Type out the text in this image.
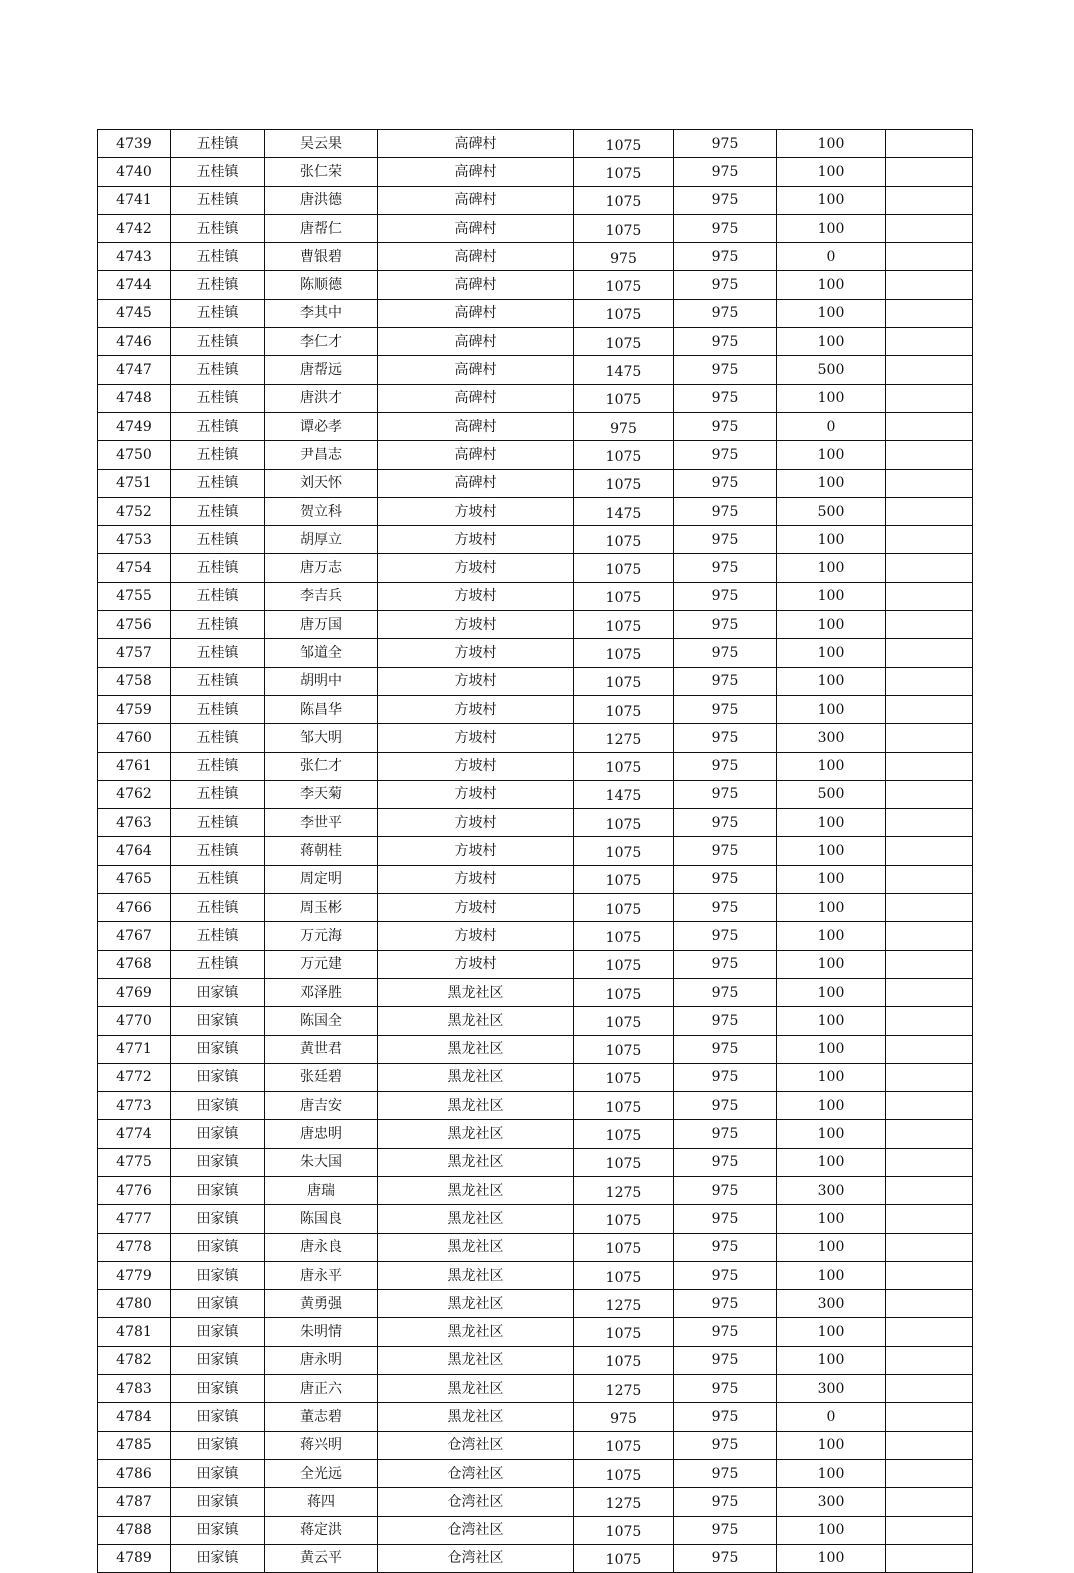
4739	五桂镇	吴云果	高碑村	1075	975	100	
4740	五桂镇	张仁荣	高碑村	1075	975	100	
4741	五桂镇	唐洪德	高碑村	1075	975	100	
4742	五桂镇	唐帮仁	高碑村	1075	975	100	
4743	五桂镇	曹银碧	高碑村	975	975	0	
4744	五桂镇	陈顺德	高碑村	1075	975	100	
4745	五桂镇	李其中	高碑村	1075	975	100	
4746	五桂镇	李仁才	高碑村	1075	975	100	
4747	五桂镇	唐帮远	高碑村	1475	975	500	
4748	五桂镇	唐洪才	高碑村	1075	975	100	
4749	五桂镇	谭必孝	高碑村	975	975	0	
4750	五桂镇	尹昌志	高碑村	1075	975	100	
4751	五桂镇	刘天怀	高碑村	1075	975	100	
4752	五桂镇	贺立科	方坡村	1475	975	500	
4753	五桂镇	胡厚立	方坡村	1075	975	100	
4754	五桂镇	唐万志	方坡村	1075	975	100	
4755	五桂镇	李吉兵	方坡村	1075	975	100	
4756	五桂镇	唐万国	方坡村	1075	975	100	
4757	五桂镇	邹道全	方坡村	1075	975	100	
4758	五桂镇	胡明中	方坡村	1075	975	100	
4759	五桂镇	陈昌华	方坡村	1075	975	100	
4760	五桂镇	邹大明	方坡村	1275	975	300	
4761	五桂镇	张仁才	方坡村	1075	975	100	
4762	五桂镇	李天菊	方坡村	1475	975	500	
4763	五桂镇	李世平	方坡村	1075	975	100	
4764	五桂镇	蒋朝桂	方坡村	1075	975	100	
4765	五桂镇	周定明	方坡村	1075	975	100	
4766	五桂镇	周玉彬	方坡村	1075	975	100	
4767	五桂镇	万元海	方坡村	1075	975	100	
4768	五桂镇	万元建	方坡村	1075	975	100	
4769	田家镇	邓泽胜	黑龙社区	1075	975	100	
4770	田家镇	陈国全	黑龙社区	1075	975	100	
4771	田家镇	黄世君	黑龙社区	1075	975	100	
4772	田家镇	张廷碧	黑龙社区	1075	975	100	
4773	田家镇	唐吉安	黑龙社区	1075	975	100	
4774	田家镇	唐忠明	黑龙社区	1075	975	100	
4775	田家镇	朱大国	黑龙社区	1075	975	100	
4776	田家镇	唐瑞	黑龙社区	1275	975	300	
4777	田家镇	陈国良	黑龙社区	1075	975	100	
4778	田家镇	唐永良	黑龙社区	1075	975	100	
4779	田家镇	唐永平	黑龙社区	1075	975	100	
4780	田家镇	黄勇强	黑龙社区	1275	975	300	
4781	田家镇	朱明情	黑龙社区	1075	975	100	
4782	田家镇	唐永明	黑龙社区	1075	975	100	
4783	田家镇	唐正六	黑龙社区	1275	975	300	
4784	田家镇	董志碧	黑龙社区	975	975	0	
4785	田家镇	蒋兴明	仓湾社区	1075	975	100	
4786	田家镇	全光远	仓湾社区	1075	975	100	
4787	田家镇	蒋四	仓湾社区	1275	975	300	
4788	田家镇	蒋定洪	仓湾社区	1075	975	100	
4789	田家镇	黄云平	仓湾社区	1075	975	100	
